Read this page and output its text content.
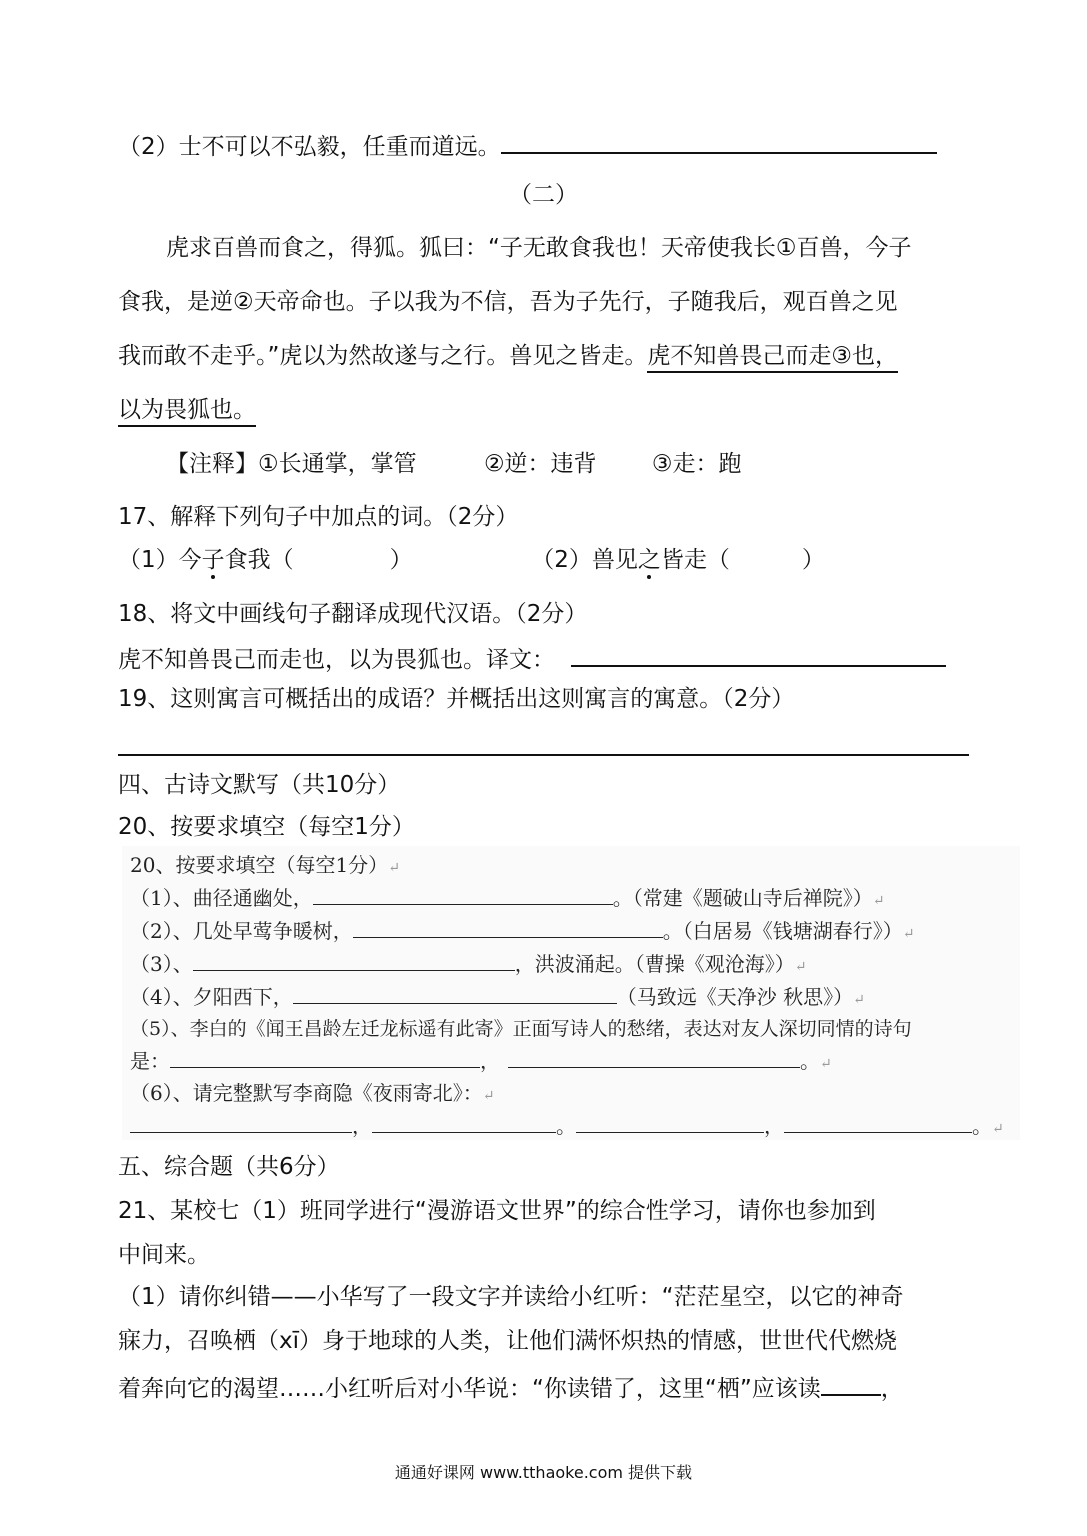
（2）士不可以不弘毅，任重而道远。
（二）
虎求百兽而食之，得狐。狐曰：“子无敢食我也！天帝使我长①百兽，今子
食我，是逆②天帝命也。子以我为不信，吾为子先行，子随我后，观百兽之见
我而敢不走乎。”虎以为然故遂与之行。兽见之皆走。虎不知兽畏己而走③也，
以为畏狐也。
【注释】①长通掌，掌管	②逆：违背 ③走：跑
17、解释下列句子中加点的词。（2分）
（1）今子食我（	）	（2）兽见之皆走（	）
18、将文中画线句子翻译成现代汉语。（2分）
虎不知兽畏己而走也，以为畏狐也。译文：
19、这则寓言可概括出的成语？并概括出这则寓言的寓意。（2分）
四、古诗文默写（共10分）
20、按要求填空（每空1分）
20、按要求填空（每空1分）↵
（1）、曲径通幽处，	。（常建《题破山寺后禅院》）↵
（2）、几处早莺争暖树，	。（白居易《钱塘湖春行》）↵
（3）、	，洪波涌起。（曹操《观沧海》）↵
（4）、夕阳西下，	（马致远《天净沙 秋思》）↵
（5）、李白的《闻王昌龄左迁龙标遥有此寄》正面写诗人的愁绪，表达对友人深切同情的诗句
是：	，	。↵
（6）、请完整默写李商隐《夜雨寄北》：↵
，	。	，	。↵
五、综合题（共6分）
21、某校七（1）班同学进行“漫游语文世界”的综合性学习，请你也参加到
中间来。
（1）请你纠错——小华写了一段文字并读给小红听：“茫茫星空，以它的神奇
寐力，召唤栖（xī）身于地球的人类，让他们满怀炽热的情感，世世代代燃烧
着奔向它的渴望……小红听后对小华说：“你读错了，这里“栖”应该读	，
通通好课网 www.tthaoke.com 提供下载
